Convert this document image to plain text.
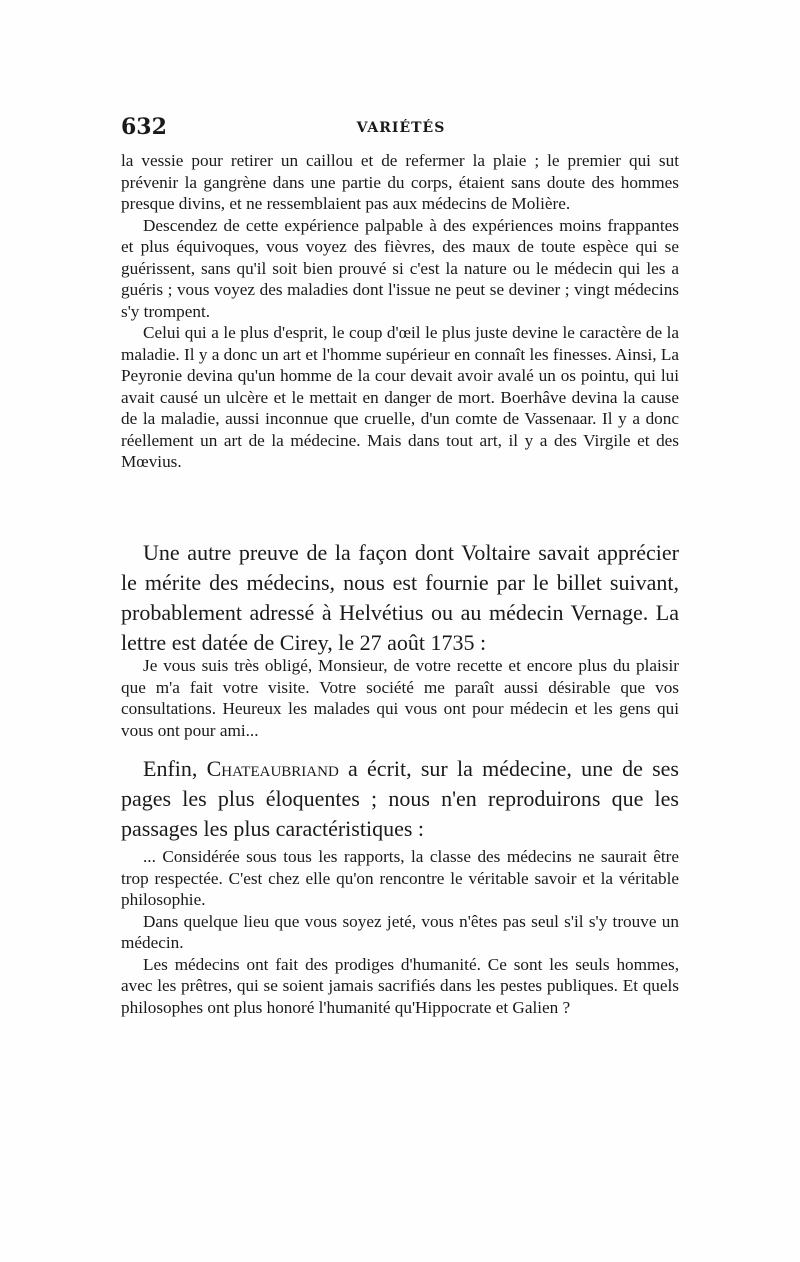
632	VARIÉTÉS

la vessie pour retirer un caillou et de refermer la plaie ; le premier qui sut prévenir la gangrène dans une partie du corps, étaient sans doute des hommes presque divins, et ne ressemblaient pas aux médecins de Molière.

Descendez de cette expérience palpable à des expériences moins frappantes et plus équivoques, vous voyez des fièvres, des maux de toute espèce qui se guérissent, sans qu'il soit bien prouvé si c'est la nature ou le médecin qui les a guéris ; vous voyez des maladies dont l'issue ne peut se deviner ; vingt médecins s'y trompent.

Celui qui a le plus d'esprit, le coup d'œil le plus juste devine le caractère de la maladie. Il y a donc un art et l'homme supérieur en connaît les finesses. Ainsi, La Peyronie devina qu'un homme de la cour devait avoir avalé un os pointu, qui lui avait causé un ulcère et le mettait en danger de mort. Boerhâve devina la cause de la maladie, aussi inconnue que cruelle, d'un comte de Vassenaar. Il y a donc réellement un art de la médecine. Mais dans tout art, il y a des Virgile et des Mœvius.

Une autre preuve de la façon dont Voltaire savait apprécier le mérite des médecins, nous est fournie par le billet suivant, probablement adressé à Helvétius ou au médecin Vernage. La lettre est datée de Cirey, le 27 août 1735 :

Je vous suis très obligé, Monsieur, de votre recette et encore plus du plaisir que m'a fait votre visite. Votre société me paraît aussi désirable que vos consultations. Heureux les malades qui vous ont pour médecin et les gens qui vous ont pour ami...

Enfin, Chateaubriand a écrit, sur la médecine, une de ses pages les plus éloquentes ; nous n'en reproduirons que les passages les plus caractéristiques :

... Considérée sous tous les rapports, la classe des médecins ne saurait être trop respectée. C'est chez elle qu'on rencontre le véritable savoir et la véritable philosophie.

Dans quelque lieu que vous soyez jeté, vous n'êtes pas seul s'il s'y trouve un médecin.

Les médecins ont fait des prodiges d'humanité. Ce sont les seuls hommes, avec les prêtres, qui se soient jamais sacrifiés dans les pestes publiques. Et quels philosophes ont plus honoré l'humanité qu'Hippocrate et Galien ?
